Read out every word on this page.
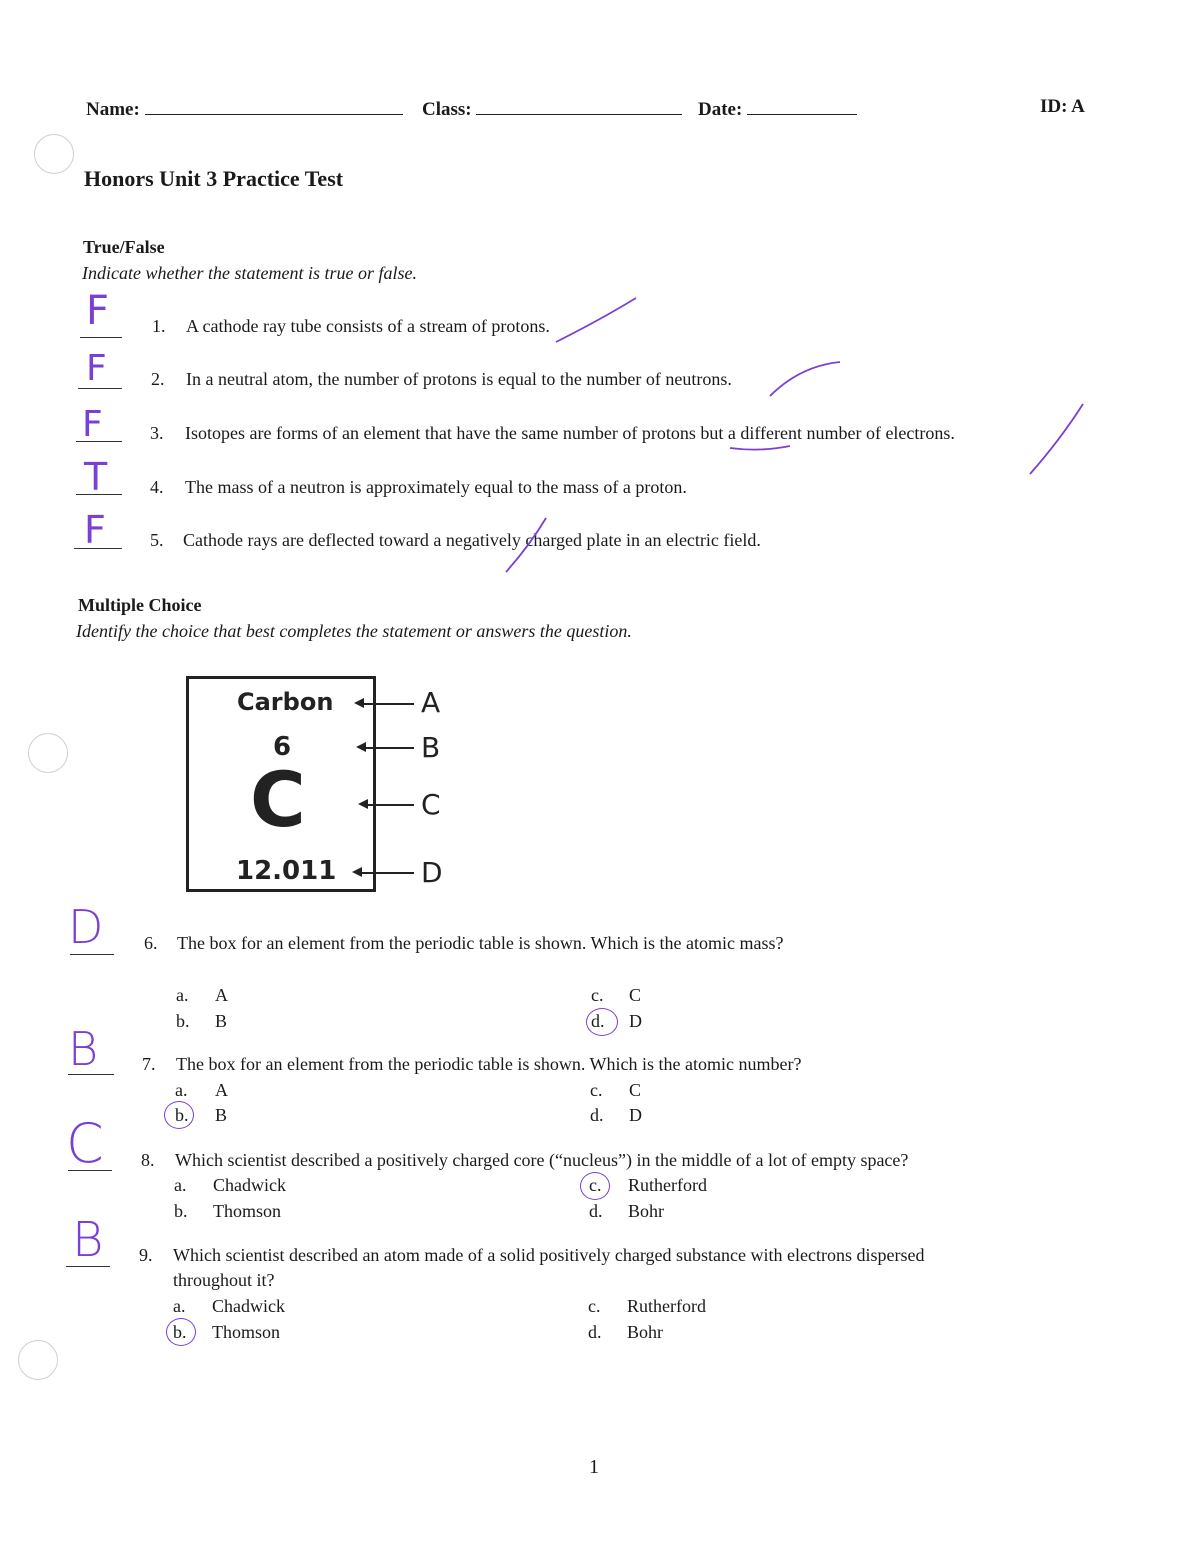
Name:	Class:	Date:	ID: A
Honors Unit 3 Practice Test
True/False
Indicate whether the statement is true or false.
F 1. A cathode ray tube consists of a stream of protons.
F 2. In a neutral atom, the number of protons is equal to the number of neutrons.
F	3. Isotopes are forms of an element that have the same number of protons but a different number of electrons.
T 4. The mass of a neutron is approximately equal to the mass of a proton.
F 5. Cathode rays are deflected toward a negatively charged plate in an electric field.
Multiple Choice
Identify the choice that best completes the statement or answers the question.
Carbon
6
C
12.011
A
B
C
D
D 6. The box for an element from the periodic table is shown. Which is the atomic mass?
a. A
b. B
c. C
d. D
B 7. The box for an element from the periodic table is shown. Which is the atomic number?
a. A
b. B
c. C
d. D
C 8. Which scientist described a positively charged core (“nucleus”) in the middle of a lot of empty space?
a. Chadwick
b. Thomson
c. Rutherford
d. Bohr
B 9. Which scientist described an atom made of a solid positively charged substance with electrons dispersed
throughout it?
a. Chadwick
b. Thomson
c. Rutherford
d. Bohr
1
